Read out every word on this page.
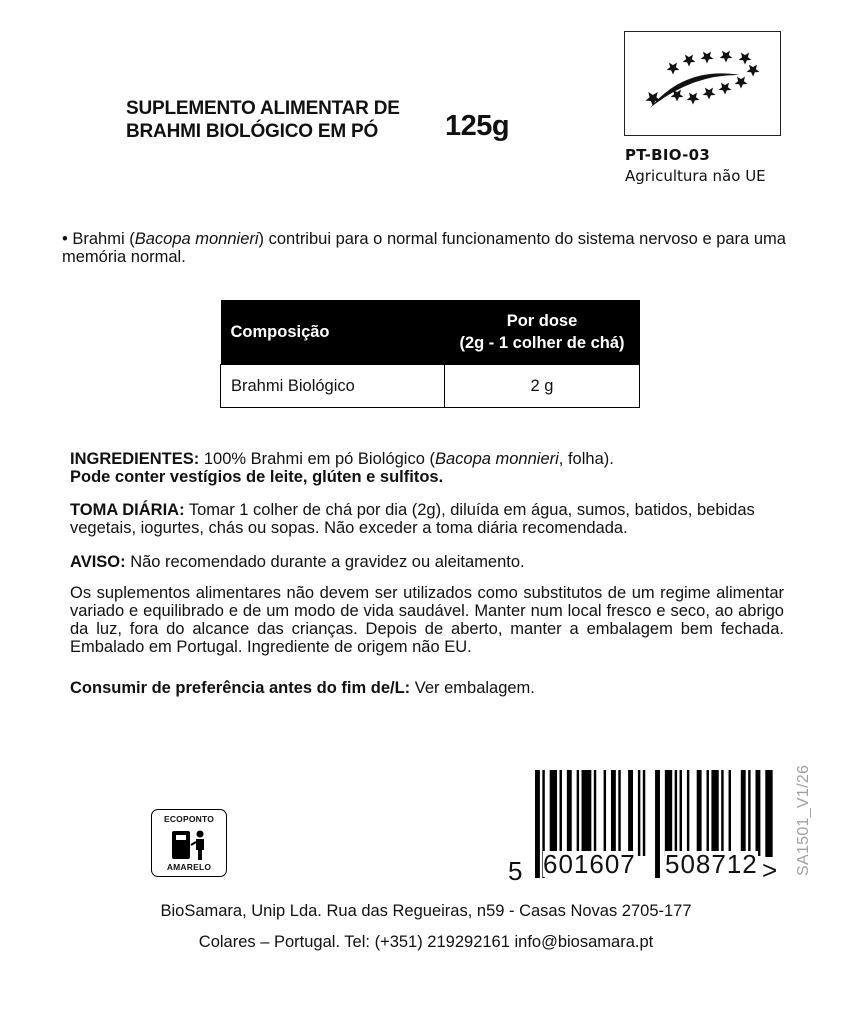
SUPLEMENTO ALIMENTAR DE
BRAHMI BIOLÓGICO EM PÓ	125g
PT-BIO-03
Agricultura não UE
• Brahmi (Bacopa monnieri) contribui para o normal funcionamento do sistema nervoso e para uma memória normal.
Composição	Por dose
(2g - 1 colher de chá)

Brahmi Biológico	2 g
INGREDIENTES: 100% Brahmi em pó Biológico (Bacopa monnieri, folha).
Pode conter vestígios de leite, glúten e sulfitos.
TOMA DIÁRIA: Tomar 1 colher de chá por dia (2g), diluída em água, sumos, batidos, bebidas vegetais, iogurtes, chás ou sopas. Não exceder a toma diária recomendada.
AVISO: Não recomendado durante a gravidez ou aleitamento.
Os suplementos alimentares não devem ser utilizados como substitutos de um regime alimentar variado e equilibrado e de um modo de vida saudável. Manter num local fresco e seco, ao abrigo da luz, fora do alcance das crianças. Depois de aberto, manter a embalagem bem fechada. Embalado em Portugal. Ingrediente de origem não EU.
Consumir de preferência antes do fim de/L: Ver embalagem.
ECOPONTO
AMARELO	5 601607 508712 > SA1501_V1/26
BioSamara, Unip Lda. Rua das Regueiras, n59 - Casas Novas 2705-177
Colares – Portugal. Tel: (+351) 219292161 info@biosamara.pt
